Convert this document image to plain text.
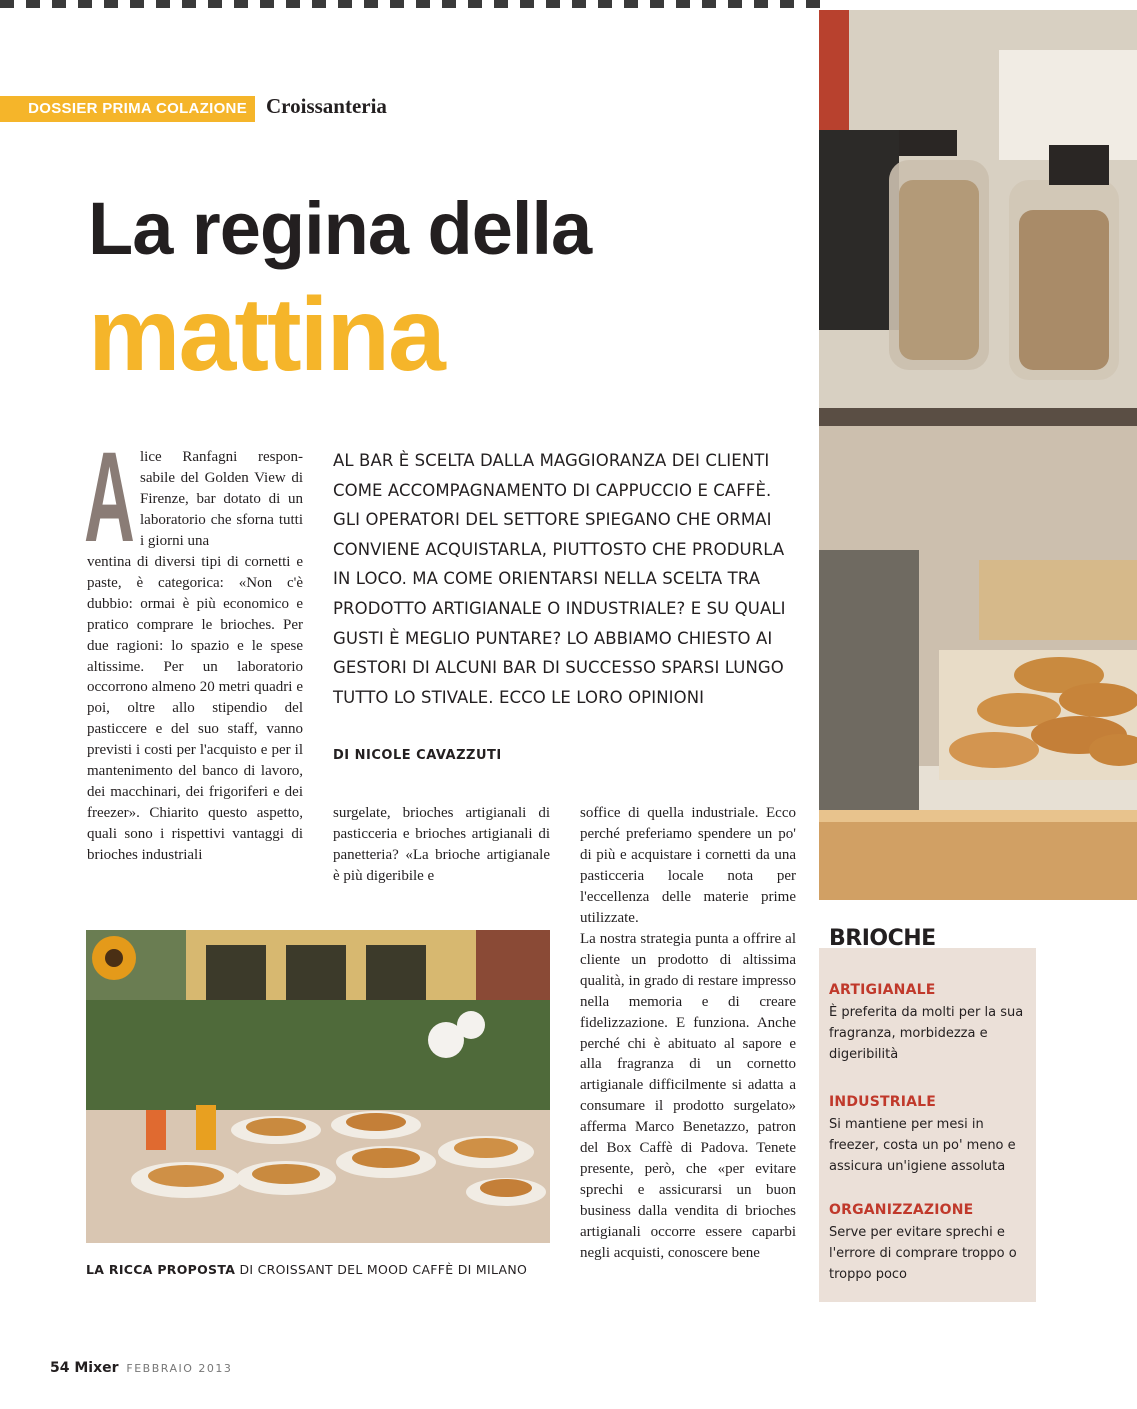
DOSSIER PRIMA COLAZIONE Croissanteria
La regina della
mattina
A lice Ranfagni respon-sabile del Golden View di Firenze, bar dotato di un laboratorio che sforna tutti i giorni una
ventina di diversi tipi di cornetti e paste, è categorica: «Non c'è dubbio: ormai è più economico e pratico comprare le brioches. Per due ragioni: lo spazio e le spese altissime. Per un laboratorio occorrono almeno 20 metri quadri e poi, oltre allo stipendio del pasticcere e del suo staff, vanno previsti i costi per l'acquisto e per il mantenimento del banco di lavoro, dei macchinari, dei frigoriferi e dei freezer». Chiarito questo aspetto, quali sono i rispettivi vantaggi di brioches industriali
AL BAR È SCELTA DALLA MAGGIORANZA DEI CLIENTI COME ACCOMPAGNAMENTO DI CAPPUCCIO E CAFFÈ. GLI OPERATORI DEL SETTORE SPIEGANO CHE ORMAI CONVIENE ACQUISTARLA, PIUTTOSTO CHE PRODURLA IN LOCO. MA COME ORIENTARSI NELLA SCELTA TRA PRODOTTO ARTIGIANALE O INDUSTRIALE? E SU QUALI GUSTI È MEGLIO PUNTARE? LO ABBIAMO CHIESTO AI GESTORI DI ALCUNI BAR DI SUCCESSO SPARSI LUNGO TUTTO LO STIVALE. ECCO LE LORO OPINIONI
DI NICOLE CAVAZZUTI
surgelate, brioches artigianali di pasticceria e brioches artigianali di panetteria? «La brioche artigianale è più digeribile e
soffice di quella industriale. Ecco perché preferiamo spendere un po' di più e acquistare i cornetti da una pasticceria locale nota per l'eccellenza delle materie prime utilizzate.
La nostra strategia punta a offrire al cliente un prodotto di altissima qualità, in grado di restare impresso nella memoria e di creare fidelizzazione. E funziona. Anche perché chi è abituato al sapore e alla fragranza di un cornetto artigianale difficilmente si adatta a consumare il prodotto surgelato» afferma Marco Benetazzo, patron del Box Caffè di Padova. Tenete presente, però, che «per evitare sprechi e assicurarsi un buon business dalla vendita di brioches artigianali occorre essere caparbi negli acquisti, conoscere bene
LA RICCA PROPOSTA DI CROISSANT DEL MOOD CAFFÈ DI MILANO
ARTIGIANALE
È preferita da molti per la sua fragranza, morbidezza e digeribilità
INDUSTRIALE
Si mantiene per mesi in freezer, costa un po' meno e assicura un'igiene assoluta
ORGANIZZAZIONE
Serve per evitare sprechi e l'errore di comprare troppo o troppo poco
BRIOCHE
54 Mixer FEBBRAIO 2013
